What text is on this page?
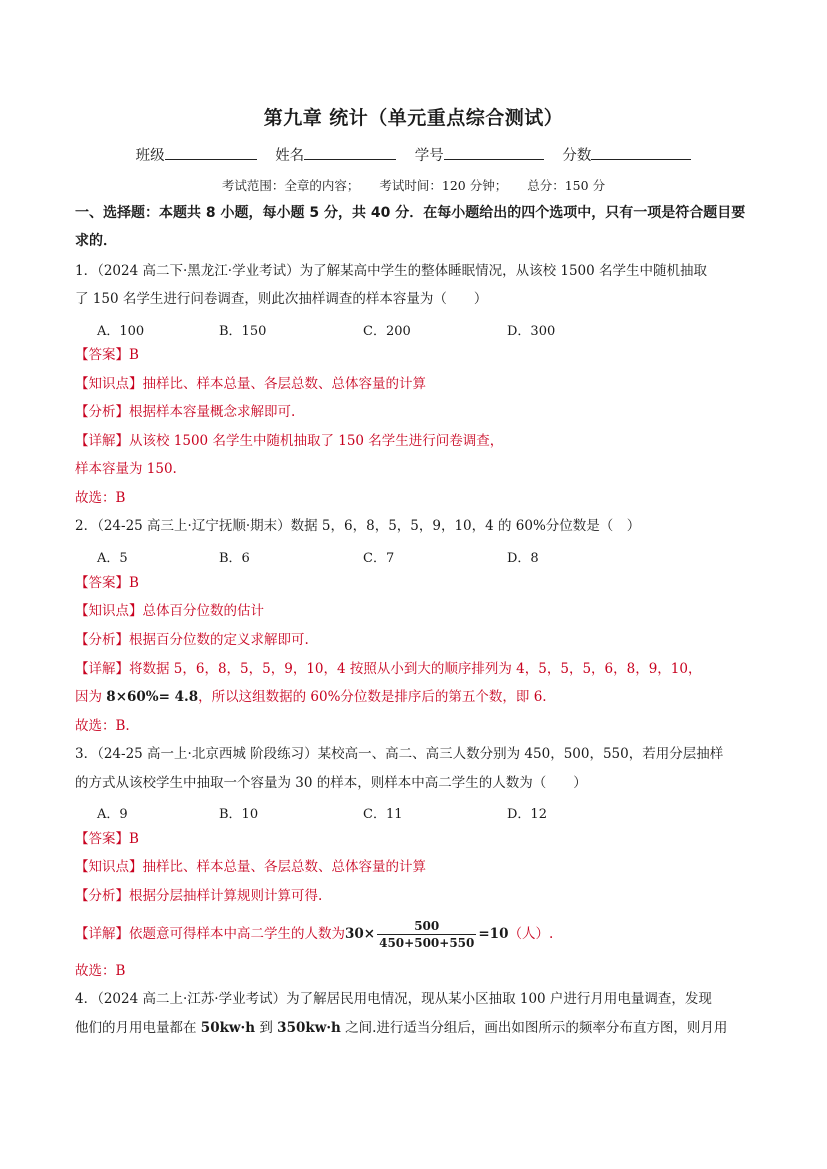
第九章 统计（单元重点综合测试）
班级	姓名	学号	分数
考试范围：全章的内容； 考试时间：120 分钟； 总分：150 分
一、选择题：本题共 8 小题，每小题 5 分，共 40 分．在每小题给出的四个选项中，只有一项是符合题目要
求的．
1．（2024 高二下·黑龙江·学业考试）为了解某高中学生的整体睡眠情况，从该校 1500 名学生中随机抽取
了 150 名学生进行问卷调查，则此次抽样调查的样本容量为（　　）
A．100	B．150	C．200	D．300
【答案】B
【知识点】抽样比、样本总量、各层总数、总体容量的计算
【分析】根据样本容量概念求解即可.
【详解】从该校 1500 名学生中随机抽取了 150 名学生进行问卷调查，
样本容量为 150.
故选：B
2．（24-25 高三上·辽宁抚顺·期末）数据 5，6，8，5，5，9，10，4 的 60%分位数是（　）
A．5	B．6	C．7	D．8
【答案】B
【知识点】总体百分位数的估计
【分析】根据百分位数的定义求解即可.
【详解】将数据 5，6，8，5，5，9，10，4 按照从小到大的顺序排列为 4，5，5，5，6，8，9，10，
因为 8×60%= 4.8，所以这组数据的 60%分位数是排序后的第五个数，即 6.
故选：B.
3．（24-25 高一上·北京西城 阶段练习）某校高一、高二、高三人数分别为 450，500，550，若用分层抽样
的方式从该校学生中抽取一个容量为 30 的样本，则样本中高二学生的人数为（　　）
A．9	B．10	C．11	D．12
【答案】B
【知识点】抽样比、样本总量、各层总数、总体容量的计算
【分析】根据分层抽样计算规则计算可得.
【详解】依题意可得样本中高二学生的人数为$30\times \frac{500}{450+500+550} =10$（人）.
故选：B
4．（2024 高二上·江苏·学业考试）为了解居民用电情况，现从某小区抽取 100 户进行月用电量调查，发现
他们的月用电量都在 50kw·h 到 350kw·h 之间.进行适当分组后，画出如图所示的频率分布直方图，则月用
